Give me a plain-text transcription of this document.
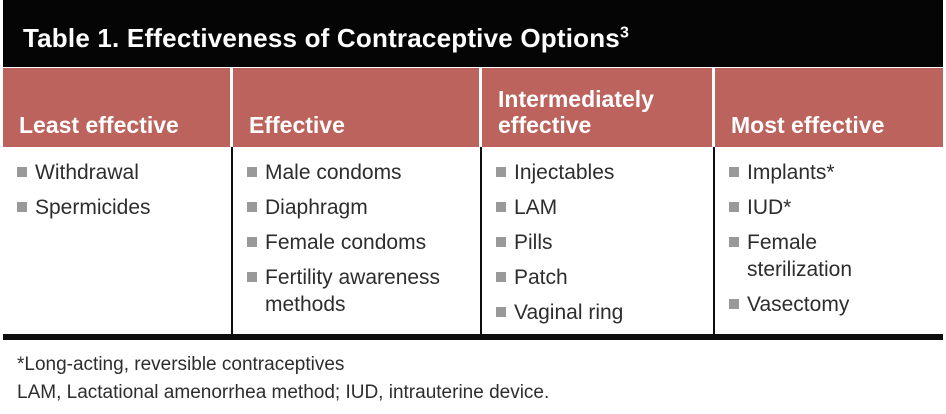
Table 1. Effectiveness of Contraceptive Options$^3$
Least effective	Effective
Intermediately effective	Most effective
Withdrawal
Spermicides
Male condoms
Diaphragm
Female condoms
Fertility awareness methods
Injectables
LAM
Pills
Patch
Vaginal ring
Implants*
IUD*
Female sterilization
Vasectomy

*Long-acting, reversible contraceptives

LAM, Lactational amenorrhea method; IUD, intrauterine device.
